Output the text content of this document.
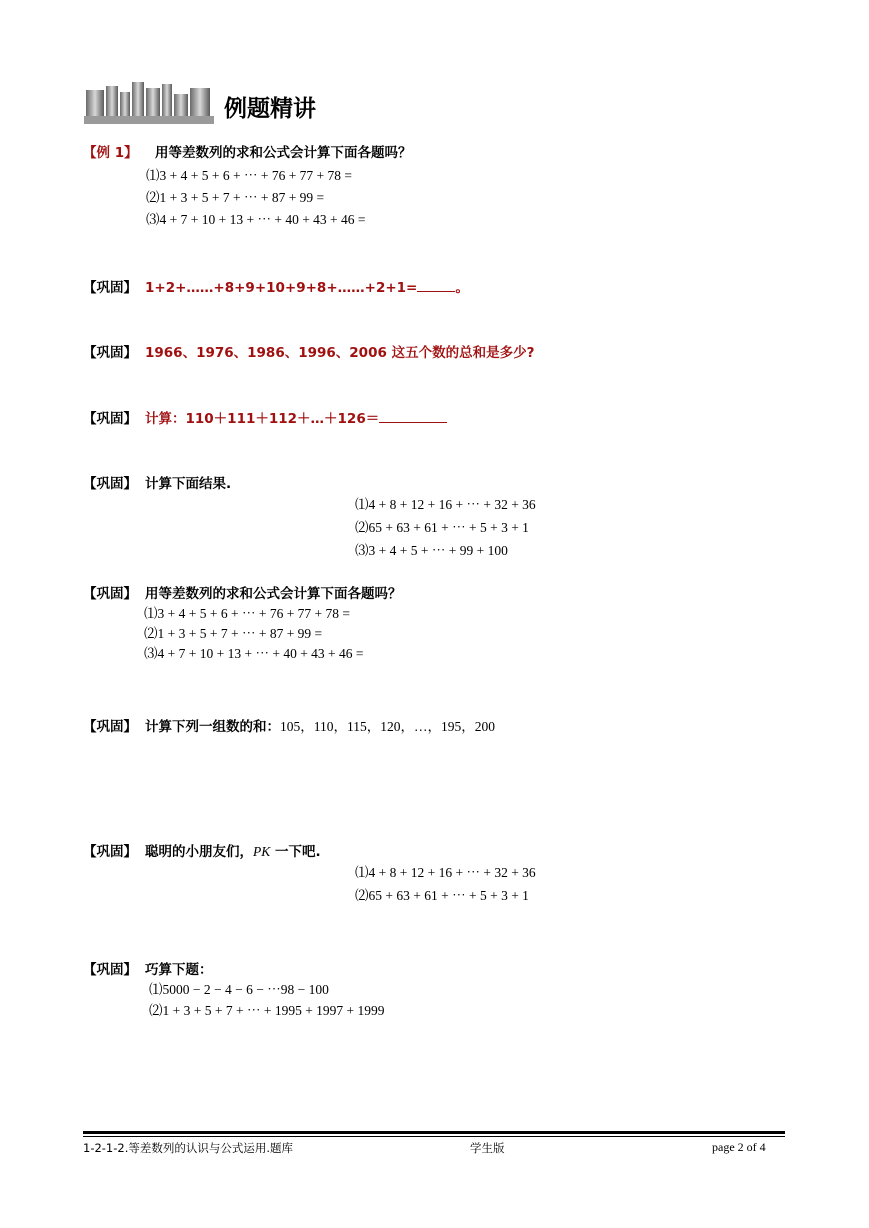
例题精讲
【例 1】 用等差数列的求和公式会计算下面各题吗？
⑴3 + 4 + 5 + 6 + ⋯ + 76 + 77 + 78 =
⑵1 + 3 + 5 + 7 + ⋯ + 87 + 99 =
⑶4 + 7 + 10 + 13 + ⋯ + 40 + 43 + 46 =
【巩固】 1+2+……+8+9+10+9+8+……+2+1=	。
【巩固】 1966、1976、1986、1996、2006 这五个数的总和是多少?
【巩固】 计算：110＋111＋112＋…＋126＝
【巩固】 计算下面结果.
⑴4 + 8 + 12 + 16 + ⋯ + 32 + 36
⑵65 + 63 + 61 + ⋯ + 5 + 3 + 1
⑶3 + 4 + 5 + ⋯ + 99 + 100
【巩固】 用等差数列的求和公式会计算下面各题吗？
⑴3 + 4 + 5 + 6 + ⋯ + 76 + 77 + 78 =
⑵1 + 3 + 5 + 7 + ⋯ + 87 + 99 =
⑶4 + 7 + 10 + 13 + ⋯ + 40 + 43 + 46 =
【巩固】 计算下列一组数的和：105，110，115，120，…，195，200
【巩固】 聪明的小朋友们，PK 一下吧.
⑴4 + 8 + 12 + 16 + ⋯ + 32 + 36
⑵65 + 63 + 61 + ⋯ + 5 + 3 + 1
【巩固】 巧算下题：
⑴5000 − 2 − 4 − 6 − ⋯98 − 100
⑵1 + 3 + 5 + 7 + ⋯ + 1995 + 1997 + 1999
1-2-1-2.等差数列的认识与公式运用.题库	学生版	page 2 of 4
